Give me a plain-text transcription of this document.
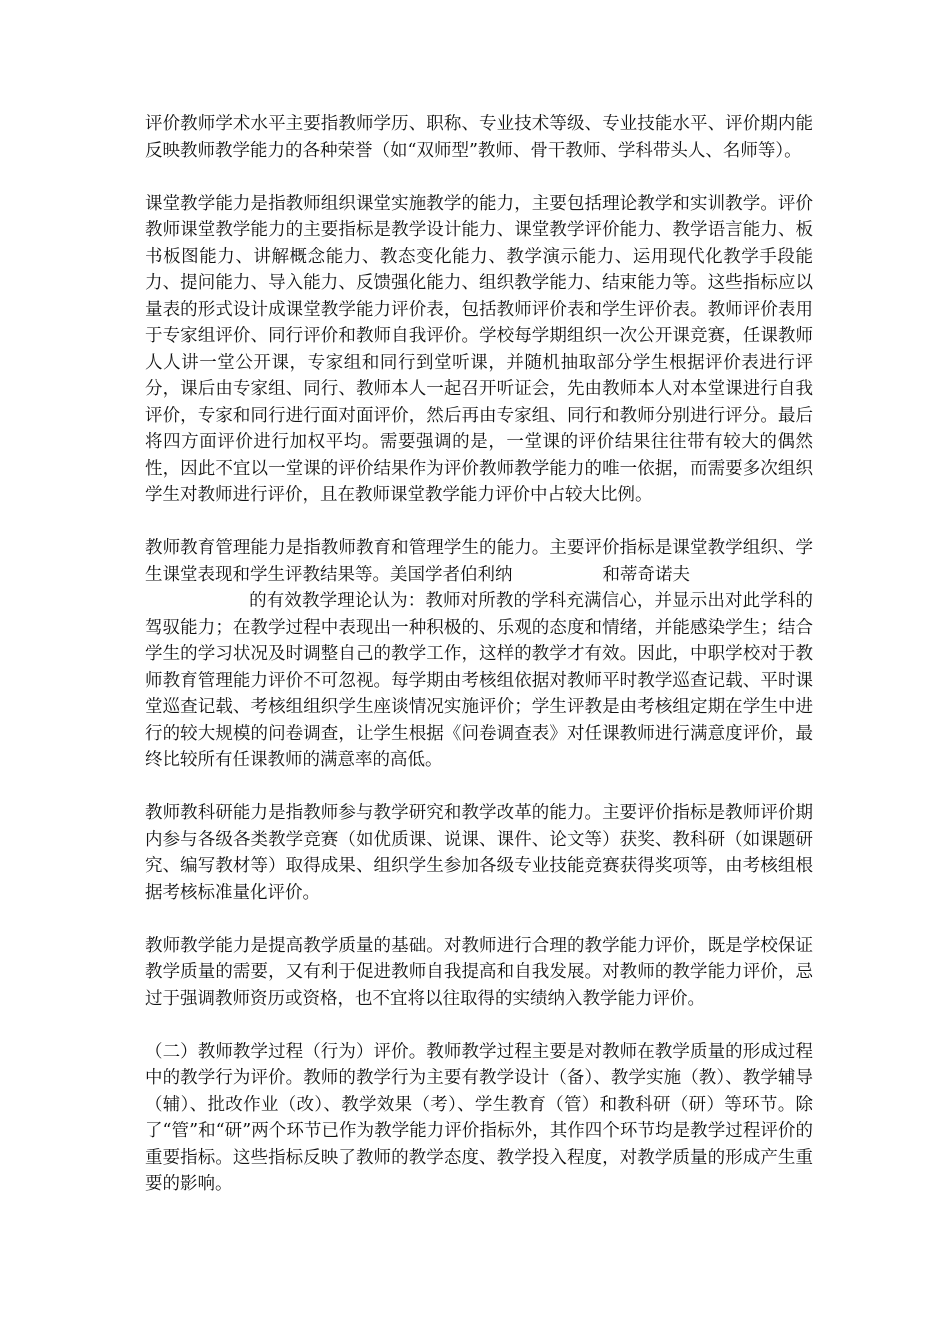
评价教师学术水平主要指教师学历、职称、专业技术等级、专业技能水平、评价期内能反映教师教学能力的各种荣誉（如“双师型”教师、骨干教师、学科带头人、名师等）。

课堂教学能力是指教师组织课堂实施教学的能力，主要包括理论教学和实训教学。评价教师课堂教学能力的主要指标是教学设计能力、课堂教学评价能力、教学语言能力、板书板图能力、讲解概念能力、教态变化能力、教学演示能力、运用现代化教学手段能力、提问能力、导入能力、反馈强化能力、组织教学能力、结束能力等。这些指标应以量表的形式设计成课堂教学能力评价表，包括教师评价表和学生评价表。教师评价表用于专家组评价、同行评价和教师自我评价。学校每学期组织一次公开课竞赛，任课教师人人讲一堂公开课，专家组和同行到堂听课，并随机抽取部分学生根据评价表进行评分，课后由专家组、同行、教师本人一起召开听证会，先由教师本人对本堂课进行自我评价，专家和同行进行面对面评价，然后再由专家组、同行和教师分别进行评分。最后将四方面评价进行加权平均。需要强调的是，一堂课的评价结果往往带有较大的偶然性，因此不宜以一堂课的评价结果作为评价教师教学能力的唯一依据，而需要多次组织学生对教师进行评价，且在教师课堂教学能力评价中占较大比例。

教师教育管理能力是指教师教育和管理学生的能力。主要评价指标是课堂教学组织、学生课堂表现和学生评教结果等。美国学者伯利纳	和蒂奇诺夫
的有效教学理论认为：教师对所教的学科充满信心，并显示出对此学科的驾驭能力；在教学过程中表现出一种积极的、乐观的态度和情绪，并能感染学生；结合学生的学习状况及时调整自己的教学工作，这样的教学才有效。因此，中职学校对于教师教育管理能力评价不可忽视。每学期由考核组依据对教师平时教学巡查记载、平时课堂巡查记载、考核组组织学生座谈情况实施评价；学生评教是由考核组定期在学生中进行的较大规模的问卷调查，让学生根据《问卷调查表》对任课教师进行满意度评价，最终比较所有任课教师的满意率的高低。

教师教科研能力是指教师参与教学研究和教学改革的能力。主要评价指标是教师评价期内参与各级各类教学竞赛（如优质课、说课、课件、论文等）获奖、教科研（如课题研究、编写教材等）取得成果、组织学生参加各级专业技能竞赛获得奖项等，由考核组根据考核标准量化评价。

教师教学能力是提高教学质量的基础。对教师进行合理的教学能力评价，既是学校保证教学质量的需要，又有利于促进教师自我提高和自我发展。对教师的教学能力评价，忌过于强调教师资历或资格，也不宜将以往取得的实绩纳入教学能力评价。

（二）教师教学过程（行为）评价。教师教学过程主要是对教师在教学质量的形成过程中的教学行为评价。教师的教学行为主要有教学设计（备）、教学实施（教）、教学辅导（辅）、批改作业（改）、教学效果（考）、学生教育（管）和教科研（研）等环节。除了“管”和“研”两个环节已作为教学能力评价指标外，其作四个环节均是教学过程评价的重要指标。这些指标反映了教师的教学态度、教学投入程度，对教学质量的形成产生重要的影响。
